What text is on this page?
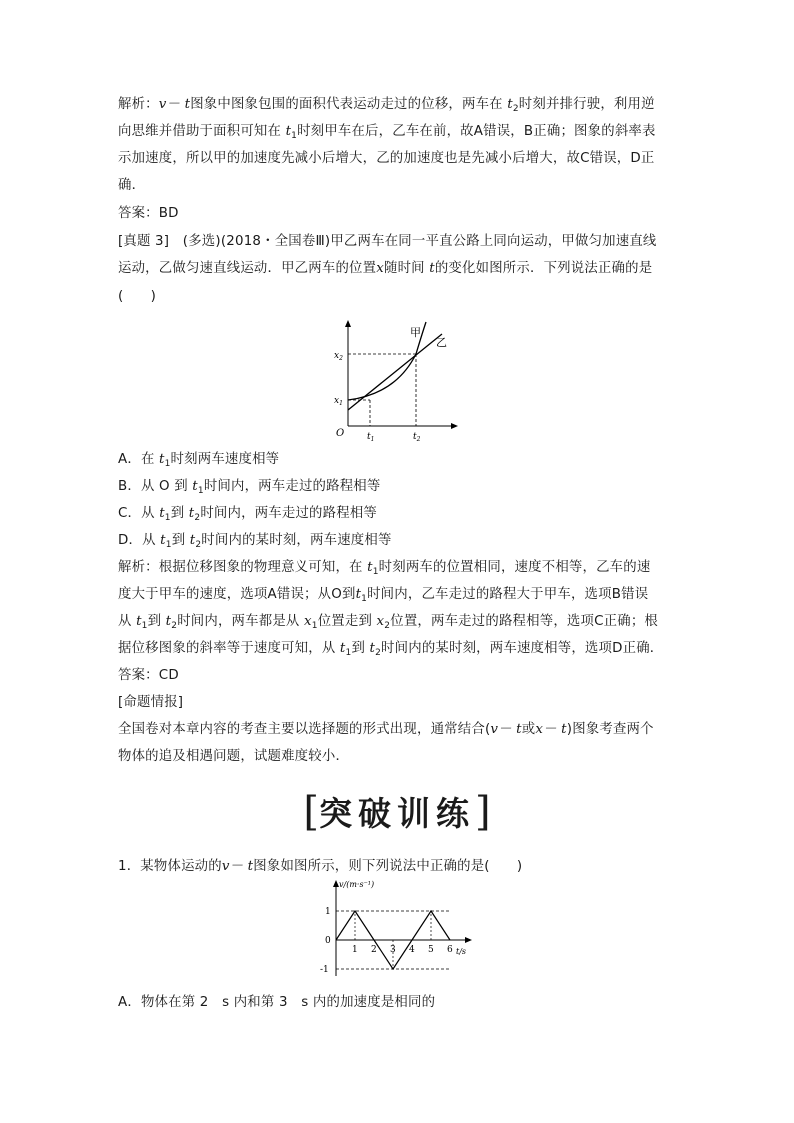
解析：v－ t图象中图象包围的面积代表运动走过的位移，两车在 $t_2$时刻并排行驶，利用逆
向思维并借助于面积可知在 $t_1$时刻甲车在后，乙车在前，故A错误，B正确；图象的斜率表
示加速度，所以甲的加速度先减小后增大，乙的加速度也是先减小后增大，故C错误，D正
确．
答案：BD
[真题 3]　(多选)(2018・全国卷Ⅲ)甲乙两车在同一平直公路上同向运动，甲做匀加速直线
运动，乙做匀速直线运动．甲乙两车的位置x随时间 t的变化如图所示．下列说法正确的是
(　　)
甲
乙
O
$x_2$
$x_1$
$t_1$	$t_2$
A．在 $t_1$时刻两车速度相等
B．从 O 到 $t_1$时间内，两车走过的路程相等
C．从 $t_1$到 $t_2$时间内，两车走过的路程相等
D．从 $t_1$到 $t_2$时间内的某时刻，两车速度相等
解析：根据位移图象的物理意义可知，在 $t_1$时刻两车的位置相同，速度不相等，乙车的速
度大于甲车的速度，选项A错误；从O到$t_1$时间内，乙车走过的路程大于甲车，选项B错误
从 $t_1$到 $t_2$时间内，两车都是从 $x_1$位置走到 $x_2$位置，两车走过的路程相等，选项C正确；根
据位移图象的斜率等于速度可知，从 $t_1$到 $t_2$时间内的某时刻，两车速度相等，选项D正确．
答案：CD
[命题情报]
全国卷对本章内容的考查主要以选择题的形式出现，通常结合(v－ t或x－ t)图象考查两个
物体的追及相遇问题，试题难度较小．
[突破训练]
1．某物体运动的v－ t图象如图所示，则下列说法中正确的是(　　)
1 2 3 4 5 6
1
0
-1
v/(m·s⁻¹)
t/s
A．物体在第 2　s 内和第 3　s 内的加速度是相同的
